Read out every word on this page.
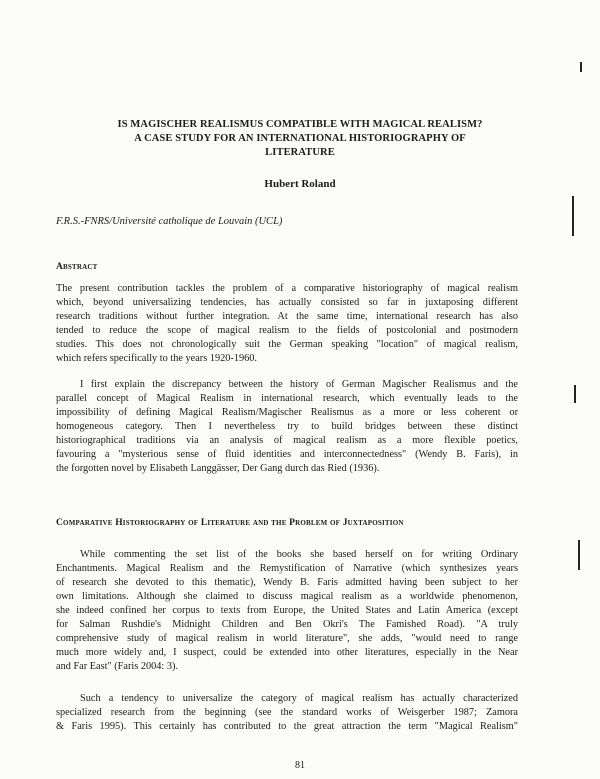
IS MAGISCHER REALISMUS COMPATIBLE WITH MAGICAL REALISM?
A CASE STUDY FOR AN INTERNATIONAL HISTORIOGRAPHY OF
LITERATURE
Hubert Roland
F.R.S.-FNRS/Université catholique de Louvain (UCL)
Abstract
The present contribution tackles the problem of a comparative historiography of magical realism
which, beyond universalizing tendencies, has actually consisted so far in juxtaposing different
research traditions without further integration. At the same time, international research has also
tended to reduce the scope of magical realism to the fields of postcolonial and postmodern
studies. This does not chronologically suit the German speaking "location" of magical realism,
which refers specifically to the years 1920-1960.
I first explain the discrepancy between the history of German Magischer Realismus and the
parallel concept of Magical Realism in international research, which eventually leads to the
impossibility of defining Magical Realism/Magischer Realismus as a more or less coherent or
homogeneous category. Then I nevertheless try to build bridges between these distinct
historiographical traditions via an analysis of magical realism as a more flexible poetics,
favouring a "mysterious sense of fluid identities and interconnectedness" (Wendy B. Faris), in
the forgotten novel by Elisabeth Langgässer, Der Gang durch das Ried (1936).
Comparative Historiography of Literature and the Problem of Juxtaposition
While commenting the set list of the books she based herself on for writing Ordinary
Enchantments. Magical Realism and the Remystification of Narrative (which synthesizes years
of research she devoted to this thematic), Wendy B. Faris admitted having been subject to her
own limitations. Although she claimed to discuss magical realism as a worldwide phenomenon,
she indeed confined her corpus to texts from Europe, the United States and Latin America (except
for Salman Rushdie's Midnight Children and Ben Okri's The Famished Road). "A truly
comprehensive study of magical realism in world literature", she adds, "would need to range
much more widely and, I suspect, could be extended into other literatures, especially in the Near
and Far East" (Faris 2004: 3).
Such a tendency to universalize the category of magical realism has actually characterized
specialized research from the beginning (see the standard works of Weisgerber 1987; Zamora
& Faris 1995). This certainly has contributed to the great attraction the term "Magical Realism"
81
